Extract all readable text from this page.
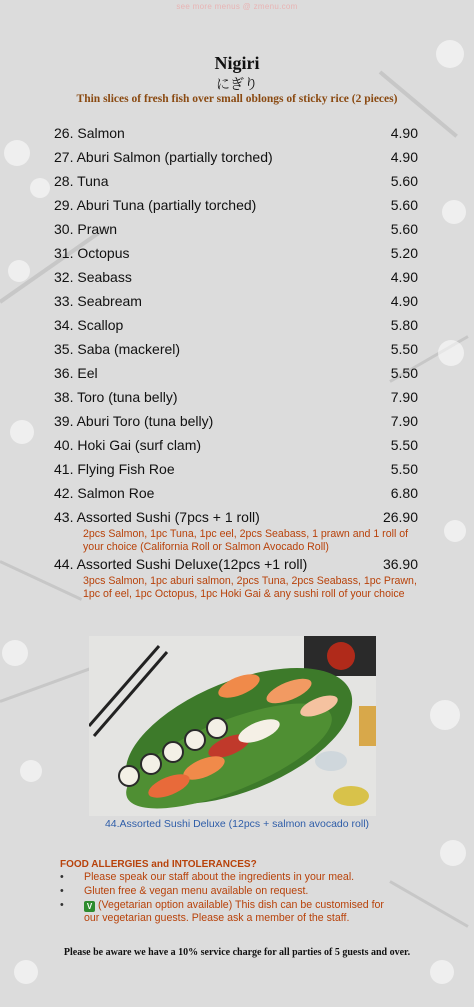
see more menus @ zmenu.com
Nigiri
にぎり
Thin slices of fresh fish over small oblongs of sticky rice (2 pieces)
26. Salmon	4.90
27. Aburi Salmon (partially torched)	4.90
28. Tuna	5.60
29. Aburi Tuna (partially torched)	5.60
30. Prawn	5.60
31. Octopus	5.20
32. Seabass	4.90
33. Seabream	4.90
34. Scallop	5.80
35. Saba (mackerel)	5.50
36. Eel	5.50
38. Toro (tuna belly)	7.90
39. Aburi Toro (tuna belly)	7.90
40. Hoki Gai (surf clam)	5.50
41. Flying Fish Roe	5.50
42. Salmon Roe	6.80
43. Assorted Sushi (7pcs + 1 roll)	26.90
2pcs Salmon, 1pc Tuna, 1pc eel, 2pcs Seabass, 1 prawn and 1 roll of your choice (California Roll or Salmon Avocado Roll)
44. Assorted Sushi Deluxe(12pcs +1 roll)	36.90
3pcs Salmon, 1pc aburi salmon, 2pcs Tuna, 2pcs Seabass, 1pc Prawn, 1pc of eel, 1pc Octopus, 1pc Hoki Gai & any sushi roll of your choice
44.Assorted Sushi Deluxe (12pcs + salmon avocado roll)
FOOD ALLERGIES and INTOLERANCES?
• Please speak our staff about the ingredients in your meal.
• Gluten free & vegan menu available on request.
•	V (Vegetarian option available) This dish can be customised for our vegetarian guests. Please ask a member of the staff.
Please be aware we have a 10% service charge for all parties of 5 guests and over.
